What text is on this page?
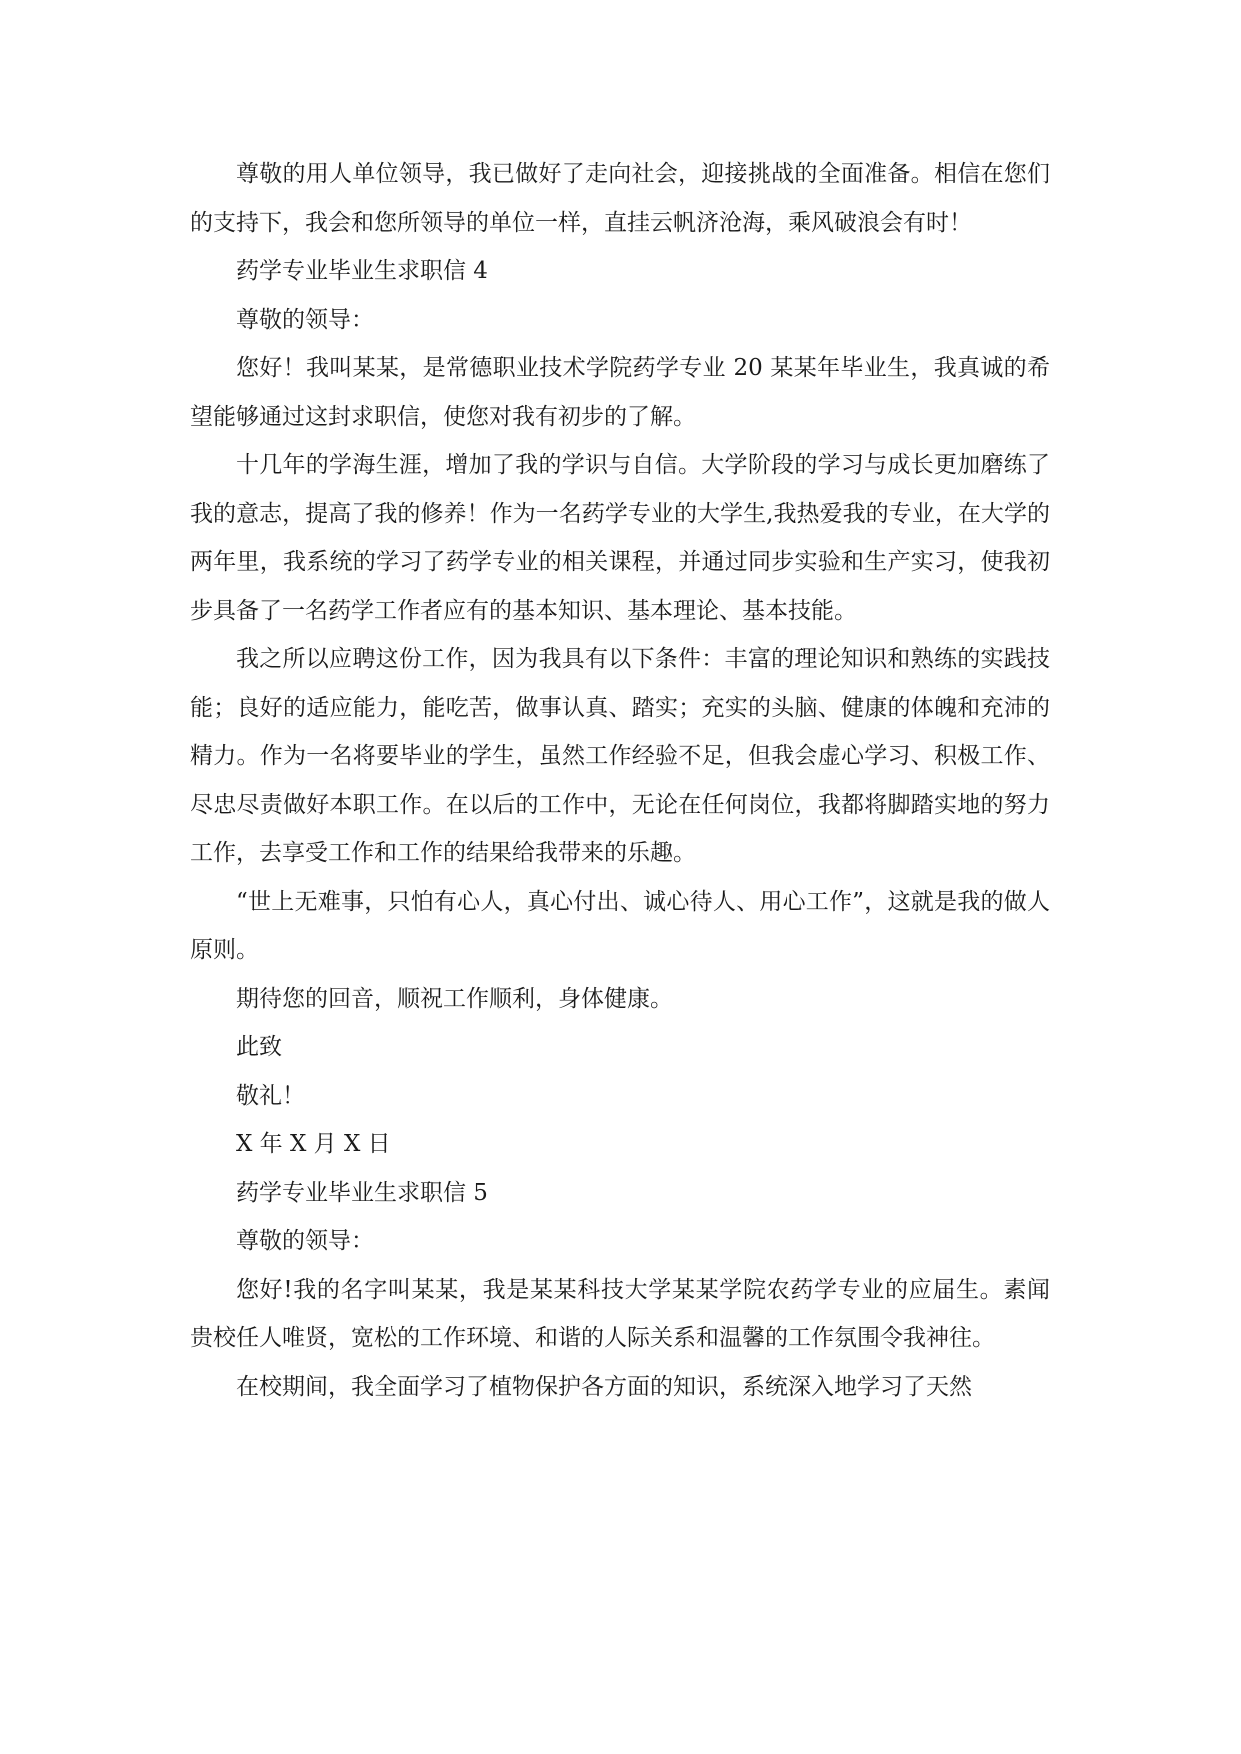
尊敬的用人单位领导，我已做好了走向社会，迎接挑战的全面准备。相信在您们的支持下，我会和您所领导的单位一样，直挂云帆济沧海，乘风破浪会有时！

药学专业毕业生求职信 4

尊敬的领导：

您好！我叫某某，是常德职业技术学院药学专业 20 某某年毕业生，我真诚的希望能够通过这封求职信，使您对我有初步的了解。

十几年的学海生涯，增加了我的学识与自信。大学阶段的学习与成长更加磨练了我的意志，提高了我的修养！作为一名药学专业的大学生,我热爱我的专业，在大学的两年里，我系统的学习了药学专业的相关课程，并通过同步实验和生产实习，使我初步具备了一名药学工作者应有的基本知识、基本理论、基本技能。

我之所以应聘这份工作，因为我具有以下条件：丰富的理论知识和熟练的实践技能；良好的适应能力，能吃苦，做事认真、踏实；充实的头脑、健康的体魄和充沛的精力。作为一名将要毕业的学生，虽然工作经验不足，但我会虚心学习、积极工作、尽忠尽责做好本职工作。在以后的工作中，无论在任何岗位，我都将脚踏实地的努力工作，去享受工作和工作的结果给我带来的乐趣。

“世上无难事，只怕有心人，真心付出、诚心待人、用心工作”，这就是我的做人原则。

期待您的回音，顺祝工作顺利，身体健康。

此致

敬礼！

X 年 X 月 X 日

药学专业毕业生求职信 5

尊敬的领导：

您好!我的名字叫某某，我是某某科技大学某某学院农药学专业的应届生。素闻贵校任人唯贤，宽松的工作环境、和谐的人际关系和温馨的工作氛围令我神往。

在校期间，我全面学习了植物保护各方面的知识，系统深入地学习了天然
